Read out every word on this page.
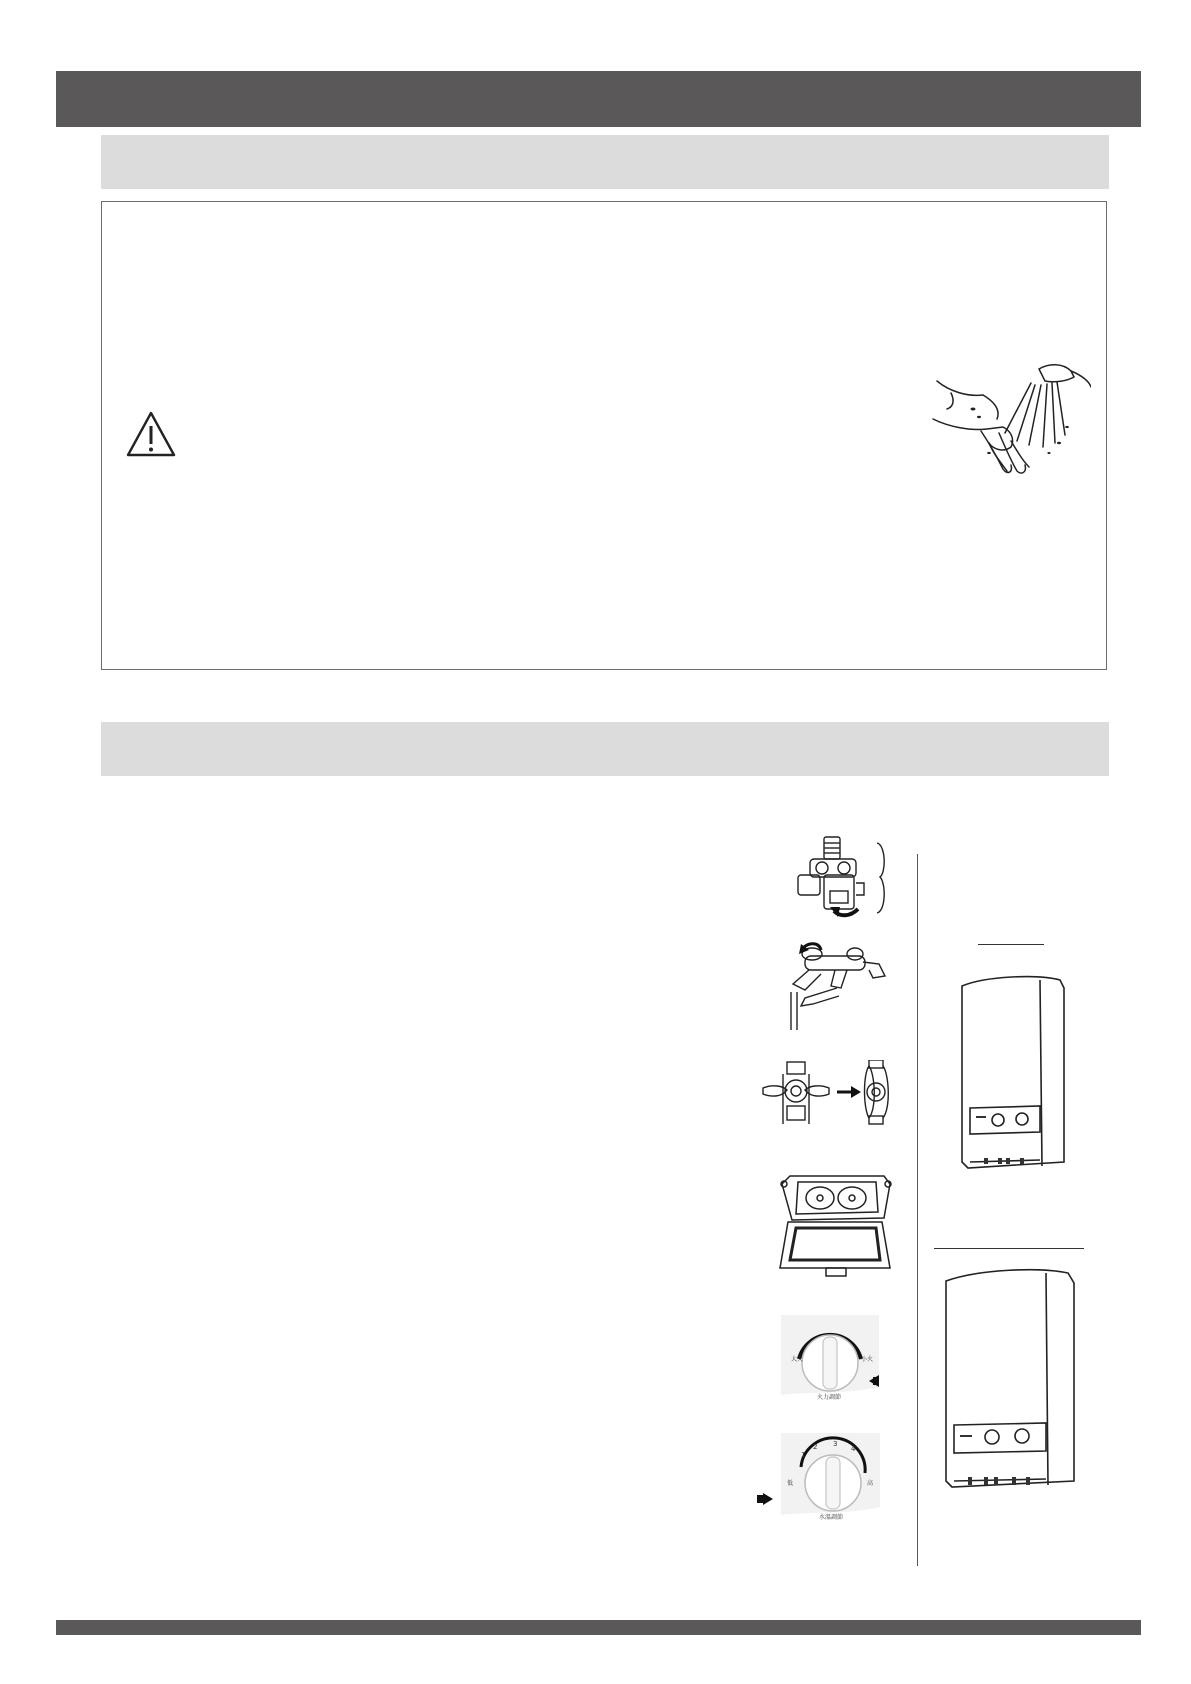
大火	小火
火力調節
1
2 3
4
低	高
水溫調節
